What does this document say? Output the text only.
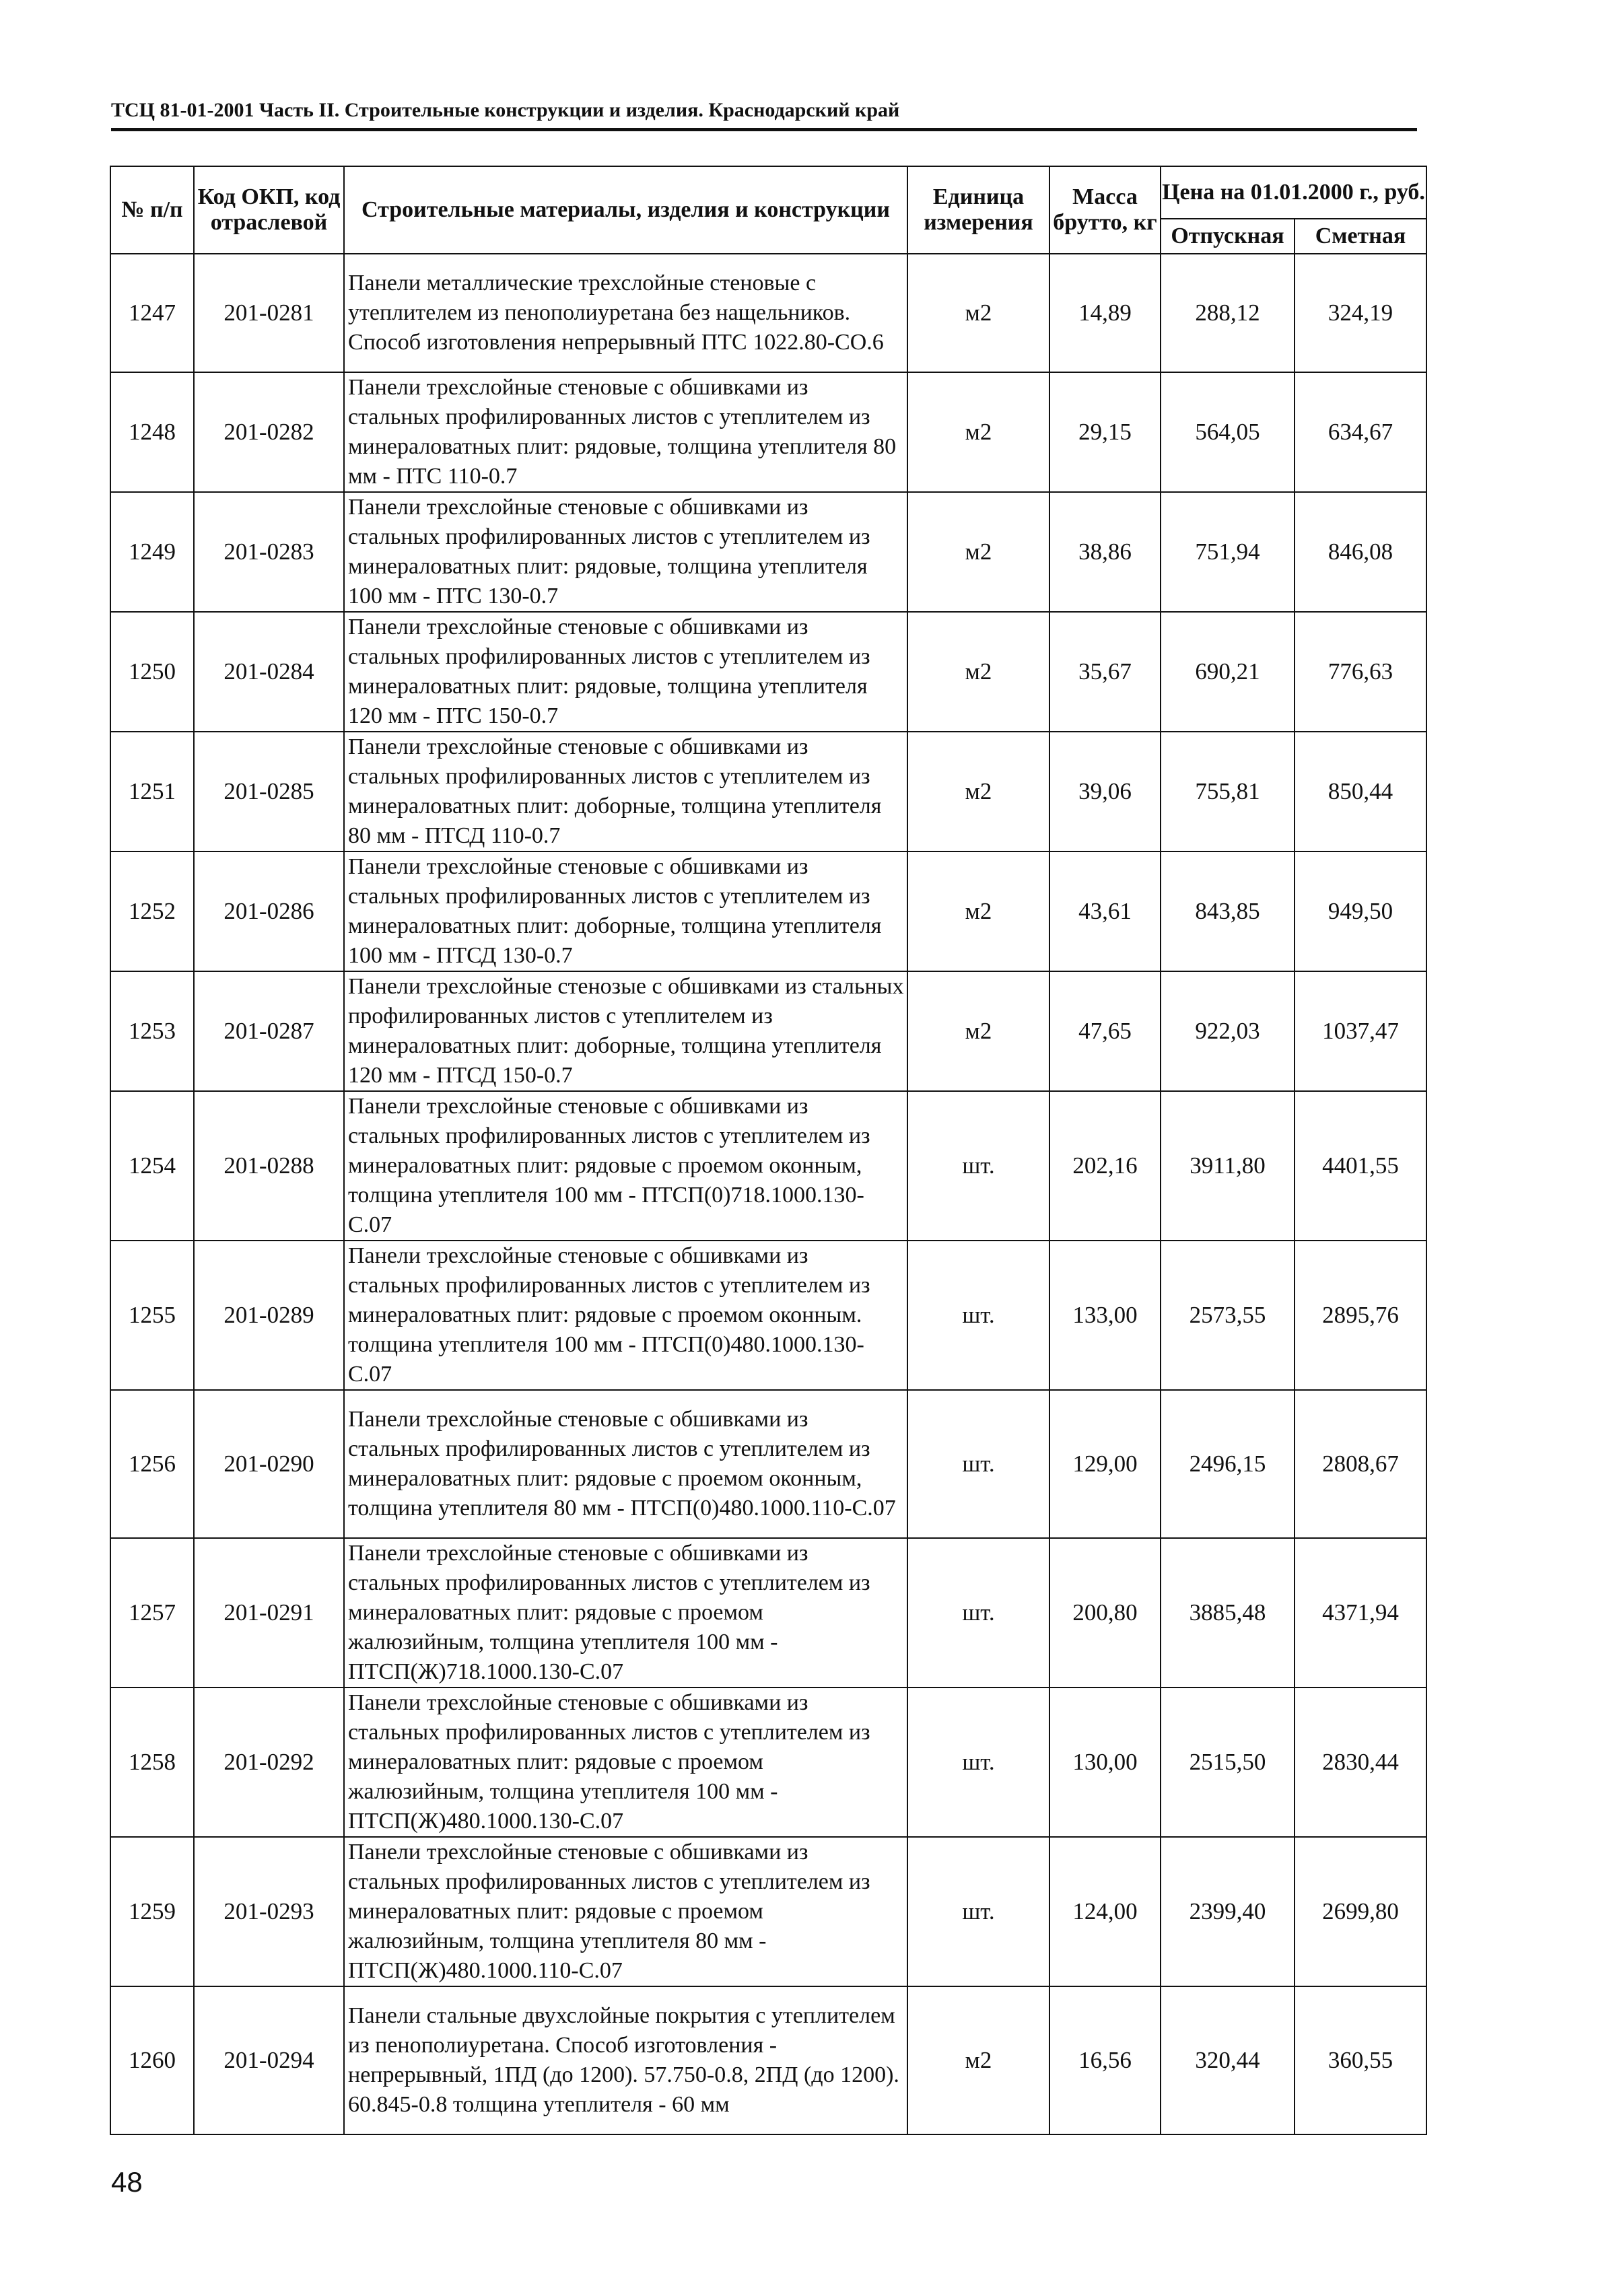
ТСЦ 81-01-2001 Часть II. Строительные конструкции и изделия. Краснодарский край
№ п/п	Код ОКП, код отраслевой	Строительные материалы, изделия и конструкции	Единица измерения	Масса брутто, кг	Цена на 01.01.2000 г., руб.	
					Отпускная	Сметная
1247	201-0281	Панели металлические трехслойные стеновые с утеплителем из пенополиуретана без нащельников. Способ изготовления непрерывный ПТС 1022.80-СО.6	м2	14,89	288,12	324,19
1248	201-0282	Панели трехслойные стеновые с обшивками из стальных профилированных листов с утеплителем из минераловатных плит: рядовые, толщина утеплителя 80 мм - ПТС 110-0.7	м2	29,15	564,05	634,67
1249	201-0283	Панели трехслойные стеновые с обшивками из стальных профилированных листов с утеплителем из минераловатных плит: рядовые, толщина утеплителя 100 мм - ПТС 130-0.7	м2	38,86	751,94	846,08
1250	201-0284	Панели трехслойные стеновые с обшивками из стальных профилированных листов с утеплителем из минераловатных плит: рядовые, толщина утеплителя 120 мм - ПТС 150-0.7	м2	35,67	690,21	776,63
1251	201-0285	Панели трехслойные стеновые с обшивками из стальных профилированных листов с утеплителем из минераловатных плит: доборные, толщина утеплителя 80 мм - ПТСД 110-0.7	м2	39,06	755,81	850,44
1252	201-0286	Панели трехслойные стеновые с обшивками из стальных профилированных листов с утеплителем из минераловатных плит: доборные, толщина утеплителя 100 мм - ПТСД 130-0.7	м2	43,61	843,85	949,50
1253	201-0287	Панели трехслойные стенозые с обшивками из стальных профилированных листов с утеплителем из минераловатных плит: доборные, толщина утеплителя 120 мм - ПТСД 150-0.7	м2	47,65	922,03	1037,47
1254	201-0288	Панели трехслойные стеновые с обшивками из стальных профилированных листов с утеплителем из минераловатных плит: рядовые с проемом оконным, толщина утеплителя 100 мм - ПТСП(0)718.1000.130-С.07	шт.	202,16	3911,80	4401,55
1255	201-0289	Панели трехслойные стеновые с обшивками из стальных профилированных листов с утеплителем из минераловатных плит: рядовые с проемом оконным. толщина утеплителя 100 мм - ПТСП(0)480.1000.130-С.07	шт.	133,00	2573,55	2895,76
1256	201-0290	Панели трехслойные стеновые с обшивками из стальных профилированных листов с утеплителем из минераловатных плит: рядовые с проемом оконным, толщина утеплителя 80 мм - ПТСП(0)480.1000.110-С.07	шт.	129,00	2496,15	2808,67
1257	201-0291	Панели трехслойные стеновые с обшивками из стальных профилированных листов с утеплителем из минераловатных плит: рядовые с проемом жалюзийным, толщина утеплителя 100 мм - ПТСП(Ж)718.1000.130-С.07	шт.	200,80	3885,48	4371,94
1258	201-0292	Панели трехслойные стеновые с обшивками из стальных профилированных листов с утеплителем из минераловатных плит: рядовые с проемом жалюзийным, толщина утеплителя 100 мм - ПТСП(Ж)480.1000.130-С.07	шт.	130,00	2515,50	2830,44
1259	201-0293	Панели трехслойные стеновые с обшивками из стальных профилированных листов с утеплителем из минераловатных плит: рядовые с проемом жалюзийным, толщина утеплителя 80 мм - ПТСП(Ж)480.1000.110-С.07	шт.	124,00	2399,40	2699,80
1260	201-0294	Панели стальные двухслойные покрытия с утеплителем из пенополиуретана. Способ изготовления - непрерывный, 1ПД (до 1200). 57.750-0.8, 2ПД (до 1200). 60.845-0.8 толщина утеплителя - 60 мм	м2	16,56	320,44	360,55
48
